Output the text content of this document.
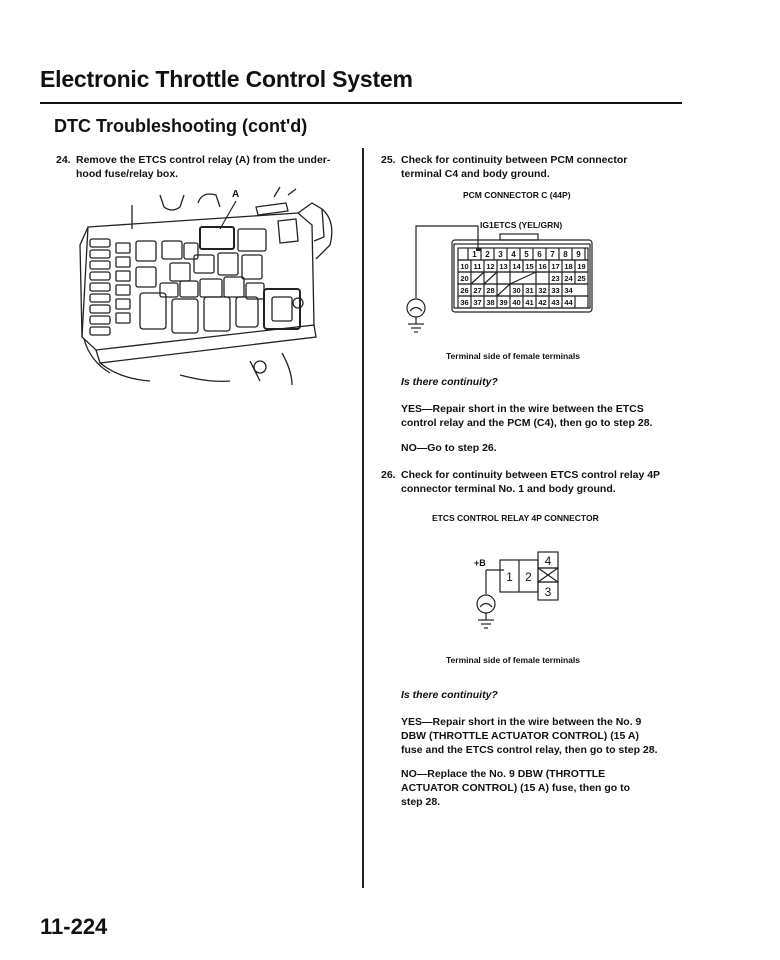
Electronic Throttle Control System
DTC Troubleshooting (cont'd)
24. Remove the ETCS control relay (A) from the under-
hood fuse/relay box.
A
25. Check for continuity between PCM connector
terminal C4 and body ground.
PCM CONNECTOR C (44P)
IG1ETCS (YEL/GRN)
1 2 3 4 5 6 7 8 9
10 11 12 13 14 15 16 17 18 19
20	23 24 25
26 27 28 30 31 32 33 34
36 37 38 39 40 41 42 43 44
Terminal side of female terminals
Is there continuity?
YES—Repair short in the wire between the ETCS
control relay and the PCM (C4), then go to step 28.
NO—Go to step 26.
26. Check for continuity between ETCS control relay 4P
connector terminal No. 1 and body ground.
ETCS CONTROL RELAY 4P CONNECTOR
+B
1 2
3
4
Terminal side of female terminals
Is there continuity?
YES—Repair short in the wire between the No. 9
DBW (THROTTLE ACTUATOR CONTROL) (15 A)
fuse and the ETCS control relay, then go to step 28.
NO—Replace the No. 9 DBW (THROTTLE
ACTUATOR CONTROL) (15 A) fuse, then go to
step 28.
11-224
